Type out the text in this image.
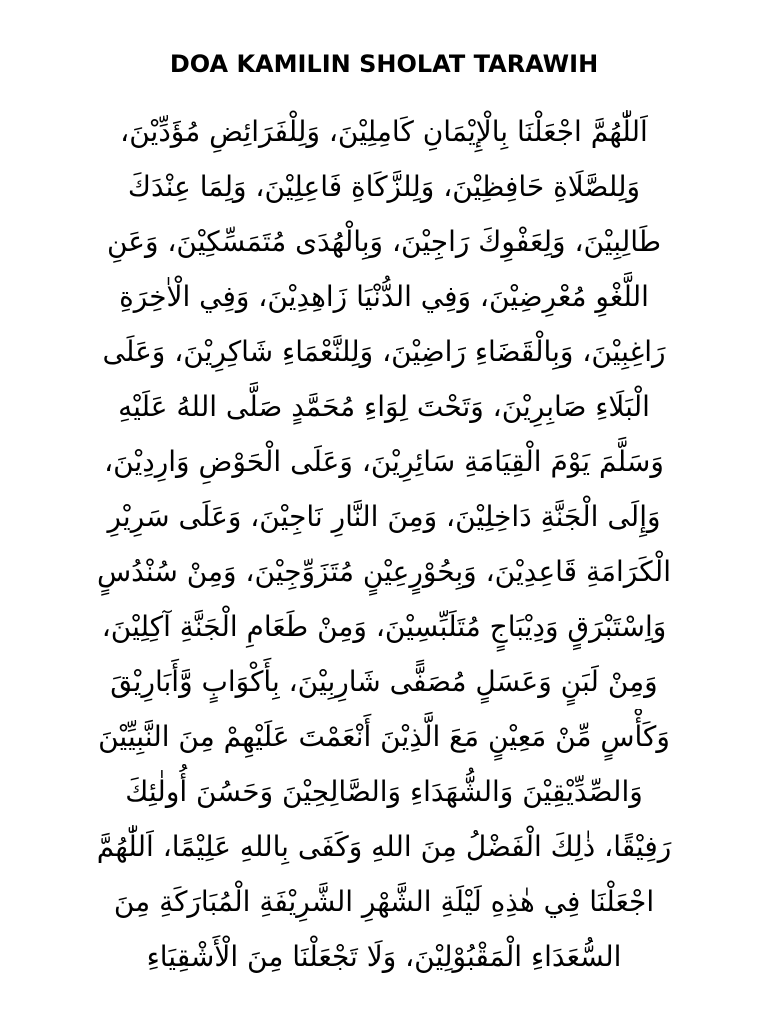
DOA KAMILIN SHOLAT TARAWIH
اَللّٰهُمَّ اجْعَلْنَا بِالْإِيْمَانِ كَامِلِيْنَ، وَلِلْفَرَائِضِ مُؤَدِّيْنَ،
وَلِلصَّلَاةِ حَافِظِيْنَ، وَلِلزَّكَاةِ فَاعِلِيْنَ، وَلِمَا عِنْدَكَ
طَالِبِيْنَ، وَلِعَفْوِكَ رَاجِيْنَ، وَبِالْهُدَى مُتَمَسِّكِيْنَ، وَعَنِ
اللَّغْوِ مُعْرِضِيْنَ، وَفِي الدُّنْيَا زَاهِدِيْنَ، وَفِي الْاٰخِرَةِ
رَاغِبِيْنَ، وَبِالْقَضَاءِ رَاضِيْنَ، وَلِلنَّعْمَاءِ شَاكِرِيْنَ، وَعَلَى
الْبَلَاءِ صَابِرِيْنَ، وَتَحْتَ لِوَاءِ مُحَمَّدٍ صَلَّى اللهُ عَلَيْهِ
وَسَلَّمَ يَوْمَ الْقِيَامَةِ سَائِرِيْنَ، وَعَلَى الْحَوْضِ وَارِدِيْنَ،
وَإِلَى الْجَنَّةِ دَاخِلِيْنَ، وَمِنَ النَّارِ نَاجِيْنَ، وَعَلَى سَرِيْرِ
الْكَرَامَةِ قَاعِدِيْنَ، وَبِحُوْرٍعِيْنٍ مُتَزَوِّجِيْنَ، وَمِنْ سُنْدُسٍ
وَاِسْتَبْرَقٍ وَدِيْبَاجٍ مُتَلَبِّسِيْنَ، وَمِنْ طَعَامِ الْجَنَّةِ آكِلِيْنَ،
وَمِنْ لَبَنٍ وَعَسَلٍ مُصَفًّى شَارِبِيْنَ، بِأَكْوَابٍ وَّأَبَارِيْقَ
وَكَأْسٍ مِّنْ مَعِيْنٍ مَعَ الَّذِيْنَ أَنْعَمْتَ عَلَيْهِمْ مِنَ النَّبِيِّيْنَ
وَالصِّدِّيْقِيْنَ وَالشُّهَدَاءِ وَالصَّالِحِيْنَ وَحَسُنَ أُولٰئِكَ
رَفِيْقًا، ذٰلِكَ الْفَضْلُ مِنَ اللهِ وَكَفَى بِاللهِ عَلِيْمًا، اَللّٰهُمَّ
اجْعَلْنَا فِي هٰذِهِ لَيْلَةِ الشَّهْرِ الشَّرِيْفَةِ الْمُبَارَكَةِ مِنَ
السُّعَدَاءِ الْمَقْبُوْلِيْنَ، وَلَا تَجْعَلْنَا مِنَ الْأَشْقِيَاءِ
